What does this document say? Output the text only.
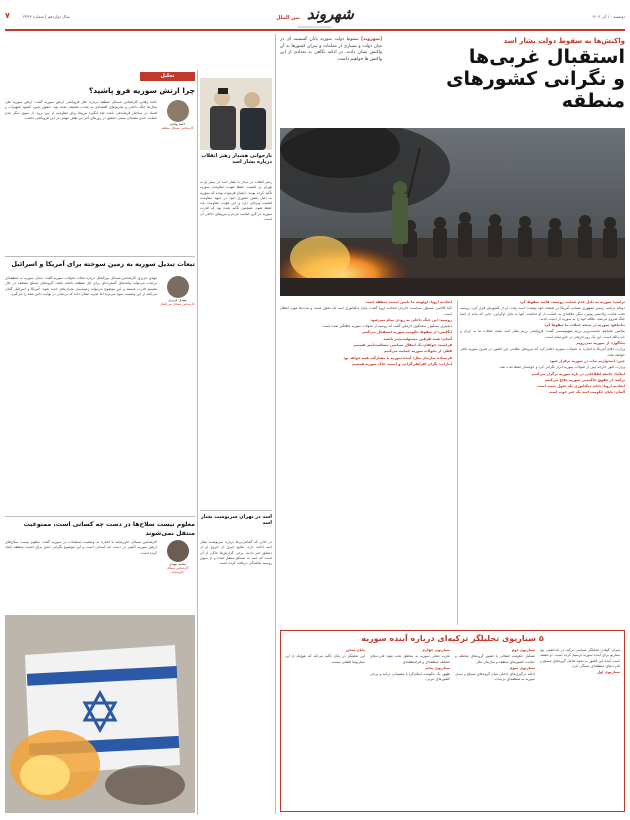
دوشنبه ۱۰ آذر ۱۴۰۳
شهروند بین الملل
www.shahrvandnews.ir
سال دوازدهم | شماره ۳۳۴۳
۷
واکنش‌ها به سقوط دولت بشار اسد
استقبال غربی‌ها
و نگرانی کشورهای منطقه
[شهروند] سقوط دولت سوریه پایان گسسته ای در میان دولت و بسیاری از مقامات و سران کشورها به آن واکنش نشان دادند، در ادامه نگاهی به تعدادی از این واکنش ها خواهیم داشت.

ترامپ: سوریه به دلیل عدم حمایت روسیه، فاسد سقوط کرد

دونالد ترامپ رئیس جمهوری منتخب آمریکا در صفحه خود نوشت: اسد رفت. او از کشورش فرار کرد. روسیه تحت هدایت ولادیمیر پوتین، دیگر علاقه‌ای به حمایت از او نداشت. آنها به دلیل اوکراین، جایی که نباید از ابتدا جنگ شروع می‌شد، علاقه خود را به سوریه از دست دادند.

نتانیاهو: سوریه در نتیجه حملات ما سقوط کرد

بنیامین نتانیاهو، نخست‌وزیر رژیم صهیونیستی گفت: فروپاشی رژیم بشار اسد نتیجه حملات ما به ایران و حزب‌الله است. این یک روز تاریخی در خاورمیانه است.

پنتاگون: از سوریه نمی‌رویم

وزارت دفاع آمریکا با اشاره به تحولات سوریه اعلام کرد که نیروهای نظامی این کشور در شرق سوریه باقی خواهند ماند.

چین: امیدواریم ثبات در سوریه برقرار شود

وزارت امور خارجه چین از تحولات سوریه ابراز نگرانی کرد و خواستار حفظ ثبات شد.

ایتالیا: جامعه اطلاعاتی در باره سوریه برگزار می‌کنیم

ترکیه: از حقوق حاکمیتی سوریه دفاع می‌کنیم

اتحادیه اروپا: پایان دیکتاتوری یک تحول مثبت است

آلمان: پایان حکومت اسد یک خبر خوب است

اتحادیه اروپا: اولویت ما تامین امنیت منطقه است

کایا کالاس، مسئول سیاست خارجی اتحادیه اروپا گفت: پایان دیکتاتوری اسد یک تحول مثبت و مدت‌ها مورد انتظار است.

روسیه: این جنگ داخلی به زودی تمام نمی‌شود

دیمیتری پسکوف سخنگوی کرملین گفت که روسیه از تحولات سوریه غافلگیر شده است.

انگلیس: از سقوط حکومت سوریه استقبال می‌کنیم

آلمان: همه طرفین مسئولیت‌پذیر باشند

فرانسه: خواهان یک انتقال سیاسی مسالمت‌آمیز هستیم

قطر: از تحولات سوریه حمایت می‌کنیم

فرستاده سازمان ملل: آینده سوریه با مشارکت همه خواهد بود

امارات: نگران افراطی‌گرایی و امنیت خاک سوریه هستیم

۵ سناریوی تحلیلگر ترکیه‌ای درباره آینده سوریه

میران گولدن تحلیلگر سیاسی ترکیه در یادداشتی پنج سناریو برای آینده سوریه ترسیم کرده است. او معتقد است آینده این کشور به نحوه تعامل گروه‌های مسلح و قدرت‌های منطقه‌ای بستگی دارد.

سناریوی اول

سناریوی دوم

تشکیل حکومت انتقالی با حضور گروه‌های مختلف و حمایت کشورهای منطقه و سازمان ملل.

سناریوی سوم

ادامه درگیری‌های داخلی میان گروه‌های مسلح و تبدیل سوریه به منطقه‌ای بی‌ثبات.

سناریوی چهارم

تجزیه عملی سوریه به مناطق تحت نفوذ قدرت‌های مختلف منطقه‌ای و فرامنطقه‌ای.

سناریوی پنجم

ظهور یک حکومت اسلام‌گرا با پشتیبانی ترکیه و برخی کشورهای عربی.

پایان سخن

این تحلیلگر در پایان تأکید می‌کند که هیچ‌یک از این سناریوها قطعی نیست.

بازخوانی هشدار رهبر انقلاب درباره بشار اسد

رهبر انقلاب در دیدار با بشار اسد در سفر او به تهران بر اهمیت حفظ هویت مقاومت سوریه تأکید کرده بودند. ایشان فرموده بودند که سوریه به دلیل نقش محوری خود در جبهه مقاومت اهمیت ویژه‌ای دارد و این هویت مقاومت باید حفظ شود. همچنین تأکید شده بود که قدرت سوریه در گرو حمایت مردم و نیروهای داخلی آن است.

اسد در تهران سرنوشت بشار اسد

در حالی که گمانه‌زنی‌ها درباره سرنوشت بشار اسد ادامه دارد، منابع خبری از خروج او از دمشق خبر دادند. برخی گزارش‌ها حاکی از آن است که اسد به مسکو منتقل شده و از سوی روسیه پناهندگی دریافت کرده است.

تحلیل
چرا ارتش سوریه فرو پاشید؟
حامد وفایی
کارشناس مسائل منطقه

حامد وفایی کارشناس مسائل منطقه درباره علل فروپاشی ارتش سوریه گفت: ارتش سوریه طی سال‌ها جنگ داخلی و تحریم‌های اقتصادی به شدت تضعیف شده بود. حقوق پایین، کمبود تجهیزات و فساد در ساختار فرماندهی باعث شد انگیزه نیروها برای مقاومت از بین برود. از سوی دیگر عدم حمایت جدی متحدان سنتی دمشق در روزهای آخر نیز نقش مهمی در این فروپاشی داشت.

تبعات تبدیل سوریه به زمین سوخته برای آمریکا و اسرائیل
مهدی عزیزی
کارشناس مسائل بین‌الملل

مهدی عزیزی کارشناس مسائل بین‌الملل درباره تبعات تحولات سوریه گفت: تبدیل سوریه به منطقه‌ای بی‌ثبات می‌تواند پیامدهای گسترده‌ای برای کل منطقه داشته باشد. گروه‌های مسلح مختلف در حال تقسیم قدرت هستند و این موضوع می‌تواند زمینه‌ساز بحران‌های جدید شود. آمریکا و اسرائیل گمان می‌کنند از این وضعیت سود می‌برند اما تجربه نشان داده که بی‌ثباتی در نهایت دامن همه را می‌گیرد.

معلوم نیست سلاح‌ها در دست چه کسانی است، ممنوعیت منتقل نمی‌شوند
محمد مهدی
کارشناس مسائل خاورمیانه

کارشناس مسائل خاورمیانه با اشاره به وضعیت تسلیحات در سوریه گفت: معلوم نیست سلاح‌های ارتش سوریه اکنون در دست چه کسانی است و این موضوع نگرانی جدی برای امنیت منطقه ایجاد کرده است.
